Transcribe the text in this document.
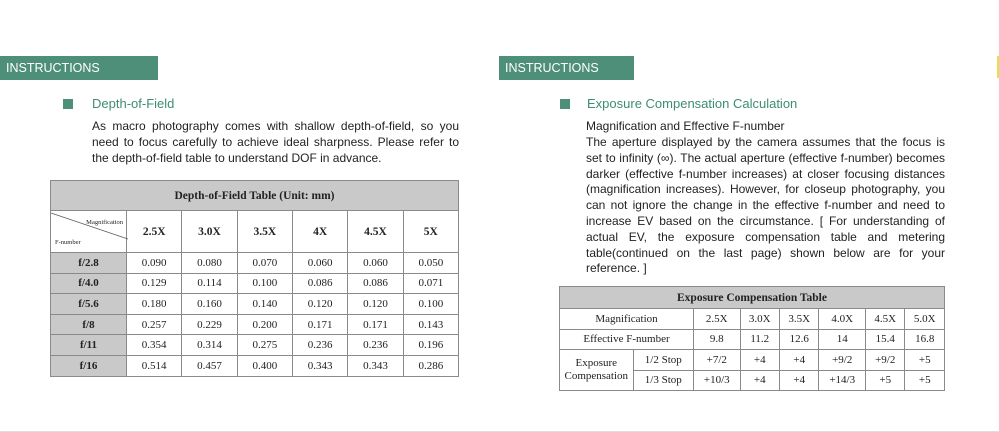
INSTRUCTIONS
Depth-of-Field
As macro photography comes with shallow depth-of-field, so you need to focus carefully to achieve ideal sharpness. Please refer to the depth-of-field table to understand DOF in advance.
Depth-of-Field Table (Unit: mm)						

Magnification
F-number	2.5X	3.0X	3.5X	4X	4.5X	5X
f/2.8	0.090	0.080	0.070	0.060	0.060	0.050
f/4.0	0.129	0.114	0.100	0.086	0.086	0.071
f/5.6	0.180	0.160	0.140	0.120	0.120	0.100
f/8	0.257	0.229	0.200	0.171	0.171	0.143
f/11	0.354	0.314	0.275	0.236	0.236	0.196
f/16	0.514	0.457	0.400	0.343	0.343	0.286
INSTRUCTIONS
Exposure Compensation Calculation
Magnification and Effective F-number
The aperture displayed by the camera assumes that the focus is set to infinity (∞). The actual aperture (effective f-number) becomes darker (effective f-number increases) at closer focusing distances (magnification increases). However, for closeup photography, you can not ignore the change in the effective f-number and need to increase EV based on the circumstance. [ For understanding of actual EV, the exposure compensation table and metering table(continued on the last page) shown below are for your reference. ]
Exposure Compensation Table							
Magnification		2.5X	3.0X	3.5X	4.0X	4.5X	5.0X
Effective F-number		9.8	11.2	12.6	14	15.4	16.8

Exposure
Compensation	1/2 Stop	+7/2	+4	+4	+9/2	+9/2	+5
	1/3 Stop	+10/3	+4	+4	+14/3	+5	+5
